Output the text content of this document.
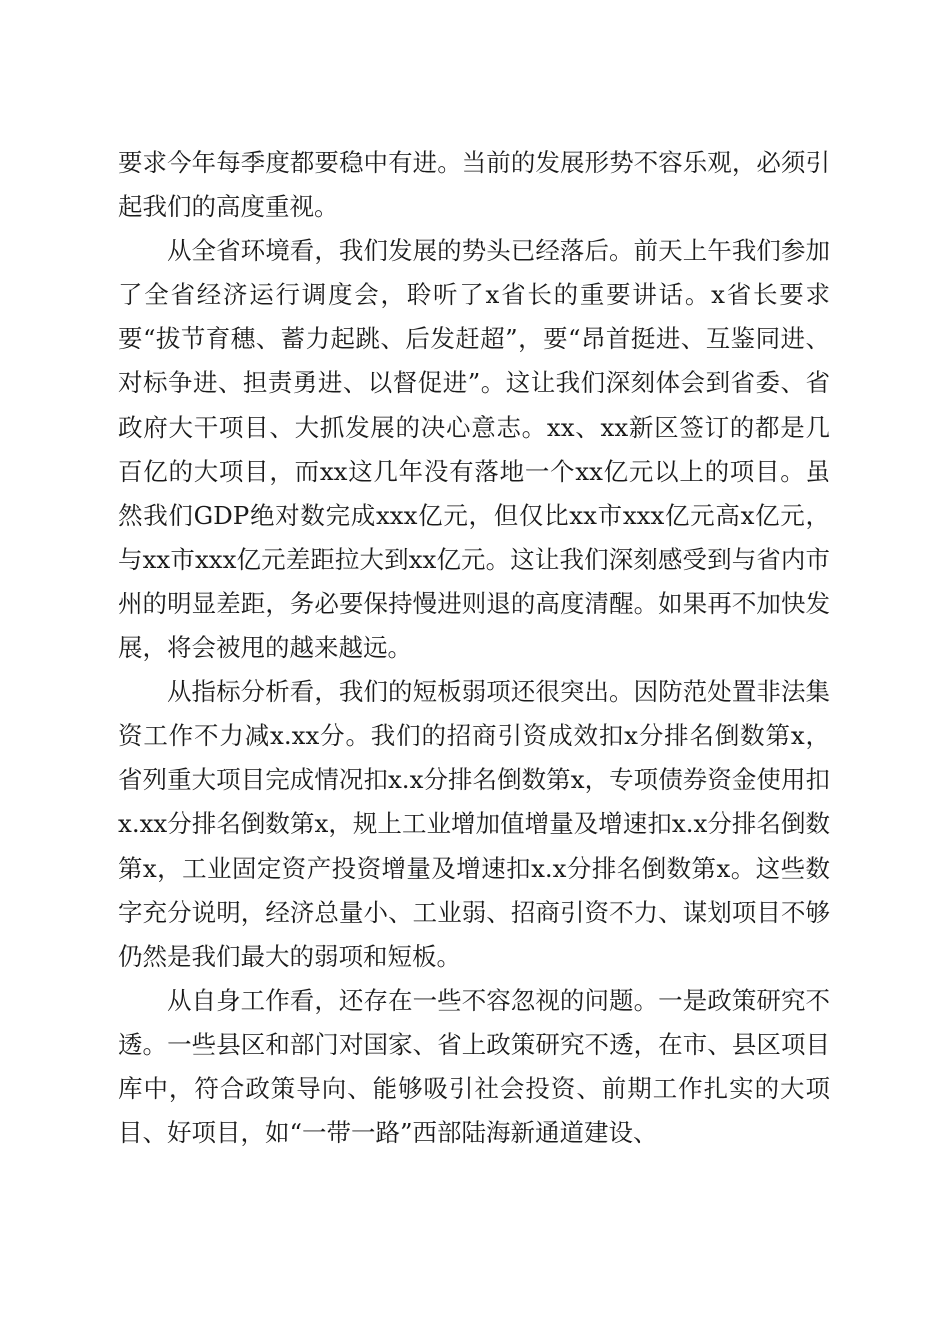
要求今年每季度都要稳中有进。当前的发展形势不容乐观，必须引起我们的高度重视。

从全省环境看，我们发展的势头已经落后。前天上午我们参加了全省经济运行调度会，聆听了x省长的重要讲话。x省长要求要“拔节育穗、蓄力起跳、后发赶超”，要“昂首挺进、互鉴同进、对标争进、担责勇进、以督促进”。这让我们深刻体会到省委、省政府大干项目、大抓发展的决心意志。xx、xx新区签订的都是几百亿的大项目，而xx这几年没有落地一个xx亿元以上的项目。虽然我们GDP绝对数完成xxx亿元，但仅比xx市xxx亿元高x亿元，与xx市xxx亿元差距拉大到xx亿元。这让我们深刻感受到与省内市州的明显差距，务必要保持慢进则退的高度清醒。如果再不加快发展，将会被甩的越来越远。

从指标分析看，我们的短板弱项还很突出。因防范处置非法集资工作不力减x.xx分。我们的招商引资成效扣x分排名倒数第x，省列重大项目完成情况扣x.x分排名倒数第x，专项债券资金使用扣x.xx分排名倒数第x，规上工业增加值增量及增速扣x.x分排名倒数第x，工业固定资产投资增量及增速扣x.x分排名倒数第x。这些数字充分说明，经济总量小、工业弱、招商引资不力、谋划项目不够仍然是我们最大的弱项和短板。

从自身工作看，还存在一些不容忽视的问题。一是政策研究不透。一些县区和部门对国家、省上政策研究不透，在市、县区项目库中，符合政策导向、能够吸引社会投资、前期工作扎实的大项目、好项目，如“一带一路”西部陆海新通道建设、
